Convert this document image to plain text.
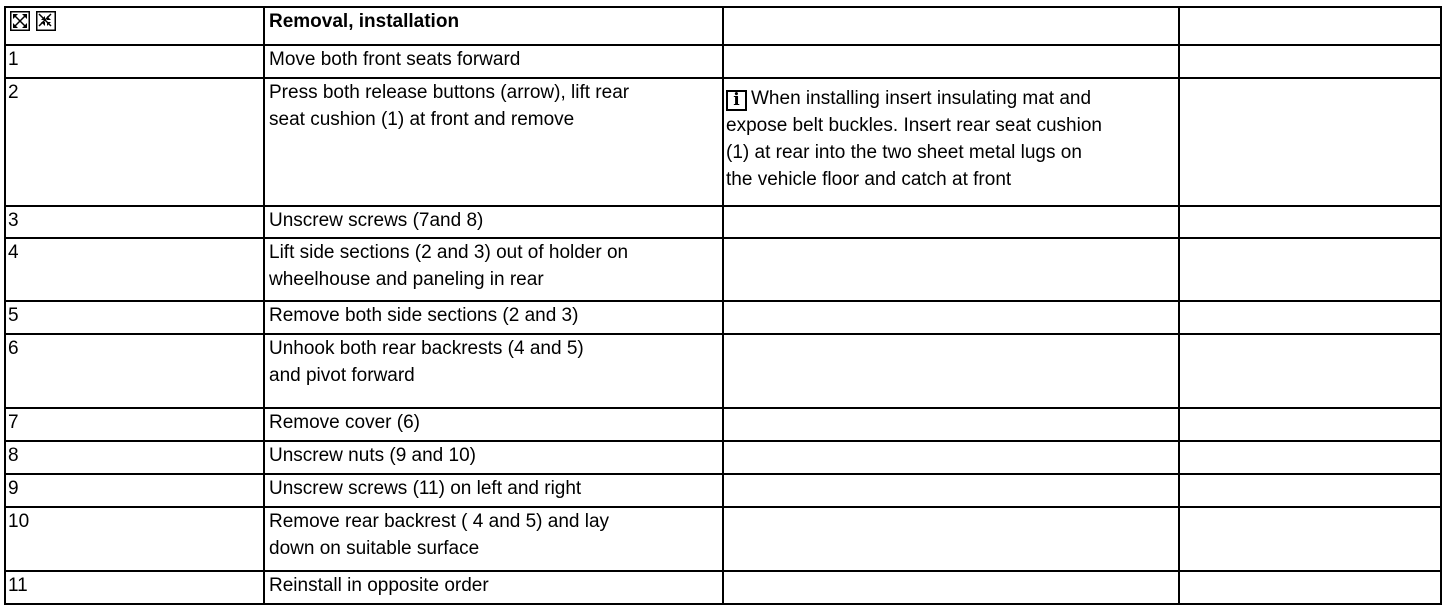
	Removal, installation		
1	Move both front seats forward		

2	Press both release buttons (arrow), lift rear
seat cushion (1) at front and remove	i When installing insert insulating mat and
expose belt buckles. Insert rear seat cushion
(1) at rear into the two sheet metal lugs on
the vehicle floor and catch at front	

3	Unscrew screws (7and 8)		

4	Lift side sections (2 and 3) out of holder on
wheelhouse and paneling in rear		

5	Remove both side sections (2 and 3)		

6	Unhook both rear backrests (4 and 5)
and pivot forward		

7	Remove cover (6)		

8	Unscrew nuts (9 and 10)		

9	Unscrew screws (11) on left and right		

10	Remove rear backrest ( 4 and 5) and lay
down on suitable surface		

11	Reinstall in opposite order		
